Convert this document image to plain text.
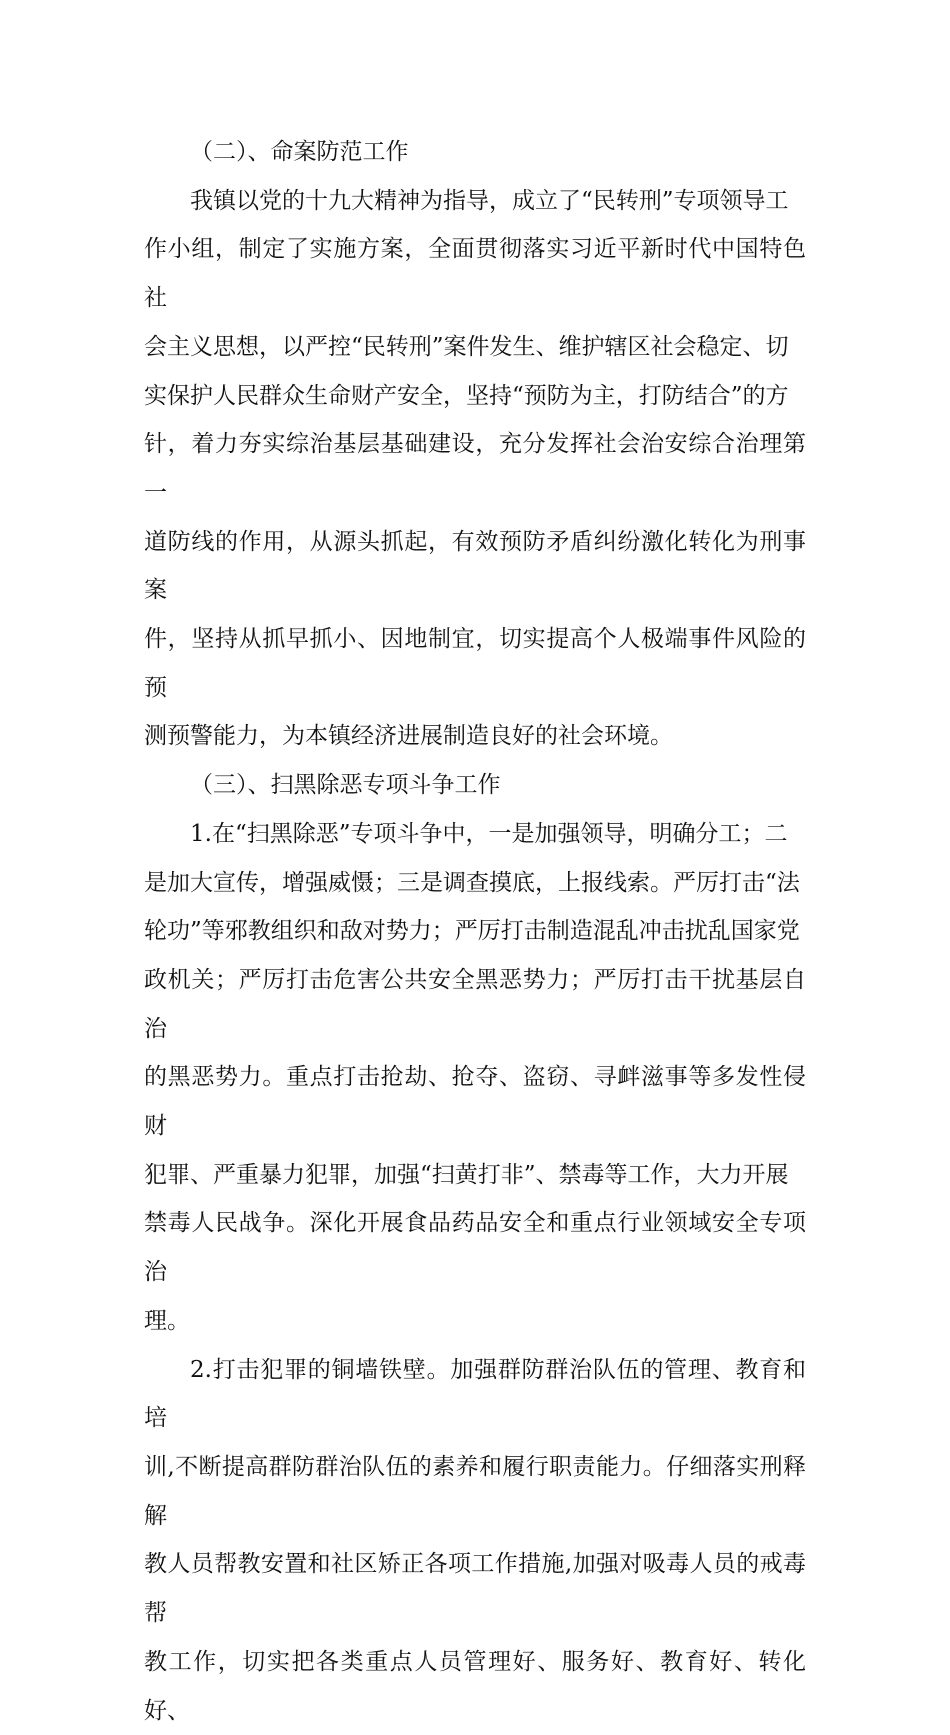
（二）、命案防范工作

我镇以党的十九大精神为指导，成立了“民转刑”专项领导工
作小组，制定了实施方案，全面贯彻落实习近平新时代中国特色社
会主义思想，以严控“民转刑”案件发生、维护辖区社会稳定、切
实保护人民群众生命财产安全，坚持“预防为主，打防结合”的方
针，着力夯实综治基层基础建设，充分发挥社会治安综合治理第一
道防线的作用，从源头抓起，有效预防矛盾纠纷激化转化为刑事案
件，坚持从抓早抓小、因地制宜，切实提高个人极端事件风险的预
测预警能力，为本镇经济进展制造良好的社会环境。

（三）、扫黑除恶专项斗争工作

1.在“扫黑除恶”专项斗争中，一是加强领导，明确分工；二
是加大宣传，增强威慑；三是调查摸底，上报线索。严厉打击“法
轮功”等邪教组织和敌对势力；严厉打击制造混乱冲击扰乱国家党
政机关；严厉打击危害公共安全黑恶势力；严厉打击干扰基层自治
的黑恶势力。重点打击抢劫、抢夺、盗窃、寻衅滋事等多发性侵财
犯罪、严重暴力犯罪，加强“扫黄打非”、禁毒等工作，大力开展
禁毒人民战争。深化开展食品药品安全和重点行业领域安全专项治
理。

2.打击犯罪的铜墙铁壁。加强群防群治队伍的管理、教育和培
训,不断提高群防群治队伍的素养和履行职责能力。仔细落实刑释解
教人员帮教安置和社区矫正各项工作措施,加强对吸毒人员的戒毒帮
教工作，切实把各类重点人员管理好、服务好、教育好、转化好、
